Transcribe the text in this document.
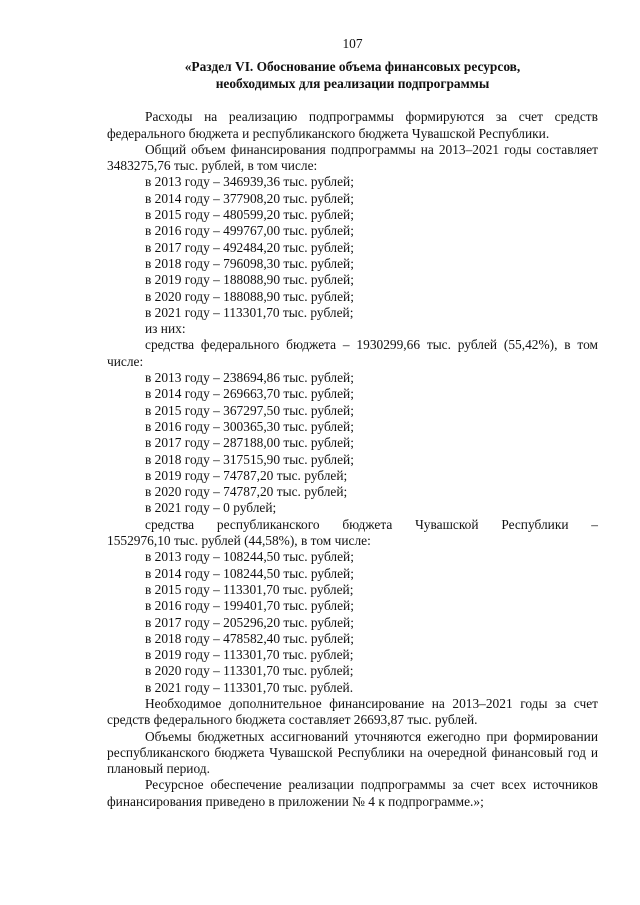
107
«Раздел VI. Обоснование объема финансовых ресурсов,
необходимых для реализации подпрограммы

Расходы на реализацию подпрограммы формируются за счет средств федерального бюджета и республиканского бюджета Чувашской Республики.

Общий объем финансирования подпрограммы на 2013–2021 годы составляет 3483275,76 тыс. рублей, в том числе:

в 2013 году – 346939,36 тыс. рублей;
в 2014 году – 377908,20 тыс. рублей;
в 2015 году – 480599,20 тыс. рублей;
в 2016 году – 499767,00 тыс. рублей;
в 2017 году – 492484,20 тыс. рублей;
в 2018 году – 796098,30 тыс. рублей;
в 2019 году – 188088,90 тыс. рублей;
в 2020 году – 188088,90 тыс. рублей;
в 2021 году – 113301,70 тыс. рублей;
из них:

средства федерального бюджета – 1930299,66 тыс. рублей (55,42%), в том числе:

в 2013 году – 238694,86 тыс. рублей;
в 2014 году – 269663,70 тыс. рублей;
в 2015 году – 367297,50 тыс. рублей;
в 2016 году – 300365,30 тыс. рублей;
в 2017 году – 287188,00 тыс. рублей;
в 2018 году – 317515,90 тыс. рублей;
в 2019 году – 74787,20 тыс. рублей;
в 2020 году – 74787,20 тыс. рублей;
в 2021 году – 0 рублей;

средства республиканского бюджета Чувашской Республики –

1552976,10 тыс. рублей (44,58%), в том числе:

в 2013 году – 108244,50 тыс. рублей;
в 2014 году – 108244,50 тыс. рублей;
в 2015 году – 113301,70 тыс. рублей;
в 2016 году – 199401,70 тыс. рублей;
в 2017 году – 205296,20 тыс. рублей;
в 2018 году – 478582,40 тыс. рублей;
в 2019 году – 113301,70 тыс. рублей;
в 2020 году – 113301,70 тыс. рублей;
в 2021 году – 113301,70 тыс. рублей.

Необходимое дополнительное финансирование на 2013–2021 годы за счет средств федерального бюджета составляет 26693,87 тыс. рублей.

Объемы бюджетных ассигнований уточняются ежегодно при формировании республиканского бюджета Чувашской Республики на очередной финансовый год и плановый период.

Ресурсное обеспечение реализации подпрограммы за счет всех источников финансирования приведено в приложении № 4 к подпрограмме.»;
